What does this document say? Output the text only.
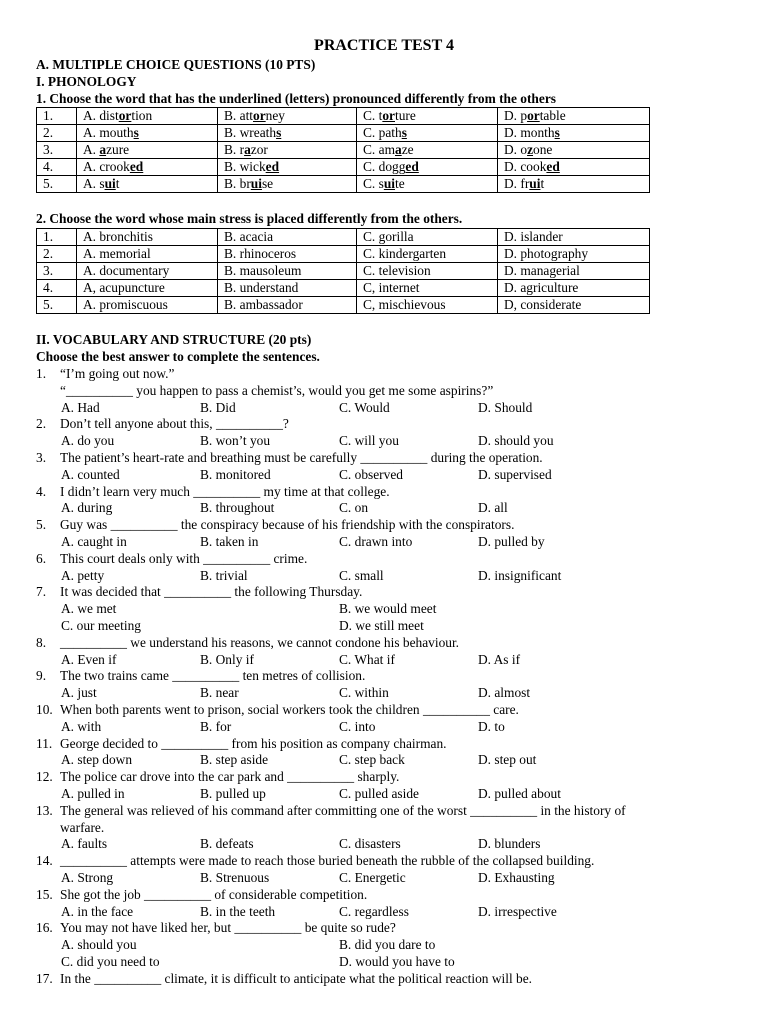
PRACTICE TEST 4
A. MULTIPLE CHOICE QUESTIONS (10 PTS)
I. PHONOLOGY
1. Choose the word that has the underlined (letters) pronounced differently from the others
1.	A. distortion	B. attorney	C. torture	D. portable
2.	A. mouths	B. wreaths	C. paths	D. months
3.	A. azure	B. razor	C. amaze	D. ozone
4.	A. crooked	B. wicked	C. dogged	D. cooked
5.	A. suit	B. bruise	C. suite	D. fruit
2. Choose the word whose main stress is placed differently from the others.
1.	A. bronchitis	B. acacia	C. gorilla	D. islander
2.	A. memorial	B. rhinoceros	C. kindergarten	D. photography
3.	A. documentary	B. mausoleum	C. television	D. managerial
4.	A, acupuncture	B. understand	C, internet	D. agriculture
5.	A. promiscuous	B. ambassador	C, mischievous	D, considerate
II. VOCABULARY AND STRUCTURE (20 pts)
Choose the best answer to complete the sentences.
1. “I’m going out now.”
“__________ you happen to pass a chemist’s, would you get me some aspirins?”
A. Had	B. Did	C. Would	D. Should
2. Don’t tell anyone about this, __________?
A. do you	B. won’t you	C. will you	D. should you
3. The patient’s heart-rate and breathing must be carefully __________ during the operation.
A. counted	B. monitored	C. observed	D. supervised
4. I didn’t learn very much __________ my time at that college.
A. during	B. throughout	C. on	D. all
5. Guy was __________ the conspiracy because of his friendship with the conspirators.
A. caught in	B. taken in	C. drawn into	D. pulled by
6. This court deals only with __________ crime.
A. petty	B. trivial	C. small	D. insignificant
7. It was decided that __________ the following Thursday.
A. we met	B. we would meet
C. our meeting	D. we still meet
8. __________ we understand his reasons, we cannot condone his behaviour.
A. Even if	B. Only if	C. What if	D. As if
9. The two trains came __________ ten metres of collision.
A. just	B. near	C. within	D. almost
10. When both parents went to prison, social workers took the children __________ care.
A. with	B. for	C. into	D. to
11. George decided to __________ from his position as company chairman.
A. step down	B. step aside	C. step back	D. step out
12. The police car drove into the car park and __________ sharply.
A. pulled in	B. pulled up	C. pulled aside	D. pulled about
13. The general was relieved of his command after committing one of the worst __________ in the history of
warfare.
A. faults	B. defeats	C. disasters	D. blunders
14. __________ attempts were made to reach those buried beneath the rubble of the collapsed building.
A. Strong	B. Strenuous	C. Energetic	D. Exhausting
15. She got the job __________ of considerable competition.
A. in the face	B. in the teeth	C. regardless	D. irrespective
16. You may not have liked her, but __________ be quite so rude?
A. should you	B. did you dare to
C. did you need to	D. would you have to
17. In the __________ climate, it is difficult to anticipate what the political reaction will be.
